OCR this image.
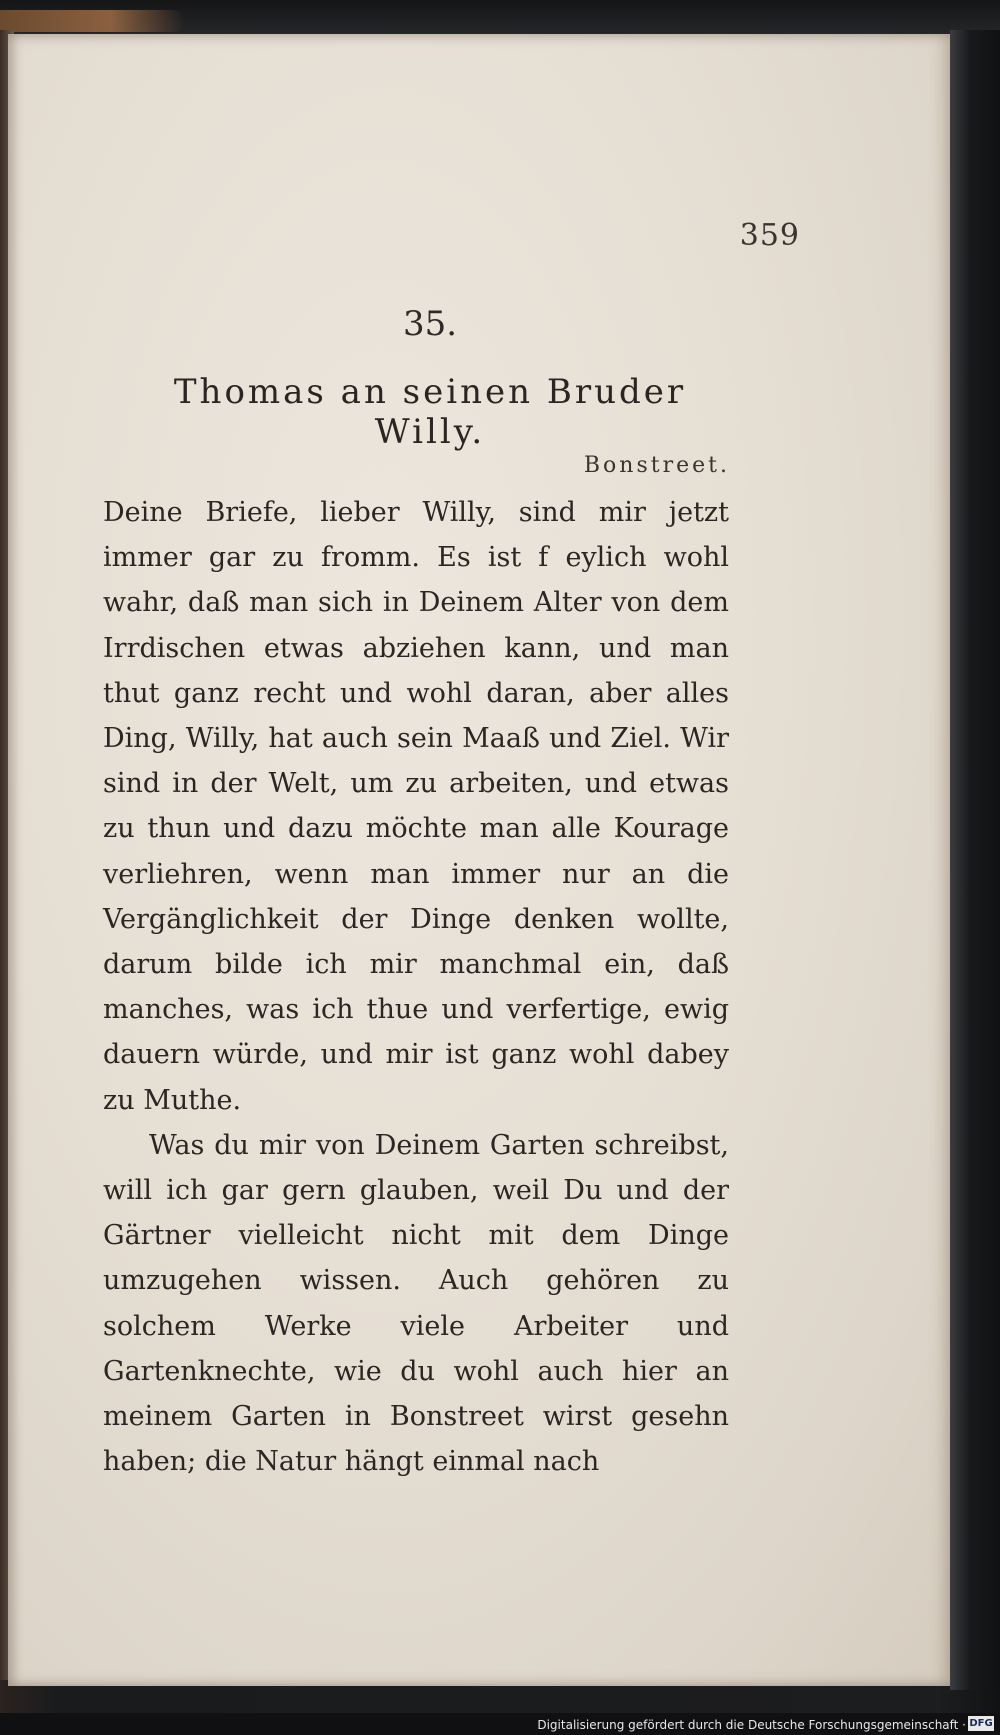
359
35.
Thomas an seinen Bruder Willy.
Bonstreet.

Deine Briefe, lieber Willy, sind mir jetzt immer gar zu fromm. Es ist f eylich wohl wahr, daß man sich in Deinem Alter von dem Irrdischen etwas abziehen kann, und man thut ganz recht und wohl daran, aber alles Ding, Willy, hat auch sein Maaß und Ziel. Wir sind in der Welt, um zu arbeiten, und etwas zu thun und dazu möchte man alle Kourage verliehren, wenn man immer nur an die Vergänglichkeit der Dinge denken wollte, darum bilde ich mir manchmal ein, daß manches, was ich thue und verfertige, ewig dauern würde, und mir ist ganz wohl dabey zu Muthe.

Was du mir von Deinem Garten schreibst, will ich gar gern glauben, weil Du und der Gärtner vielleicht nicht mit dem Dinge umzugehen wissen. Auch gehören zu solchem Werke viele Arbeiter und Gartenknechte, wie du wohl auch hier an meinem Garten in Bonstreet wirst gesehn haben; die Natur hängt einmal nach

Digitalisierung gefördert durch die Deutsche Forschungsgemeinschaft · DFG
